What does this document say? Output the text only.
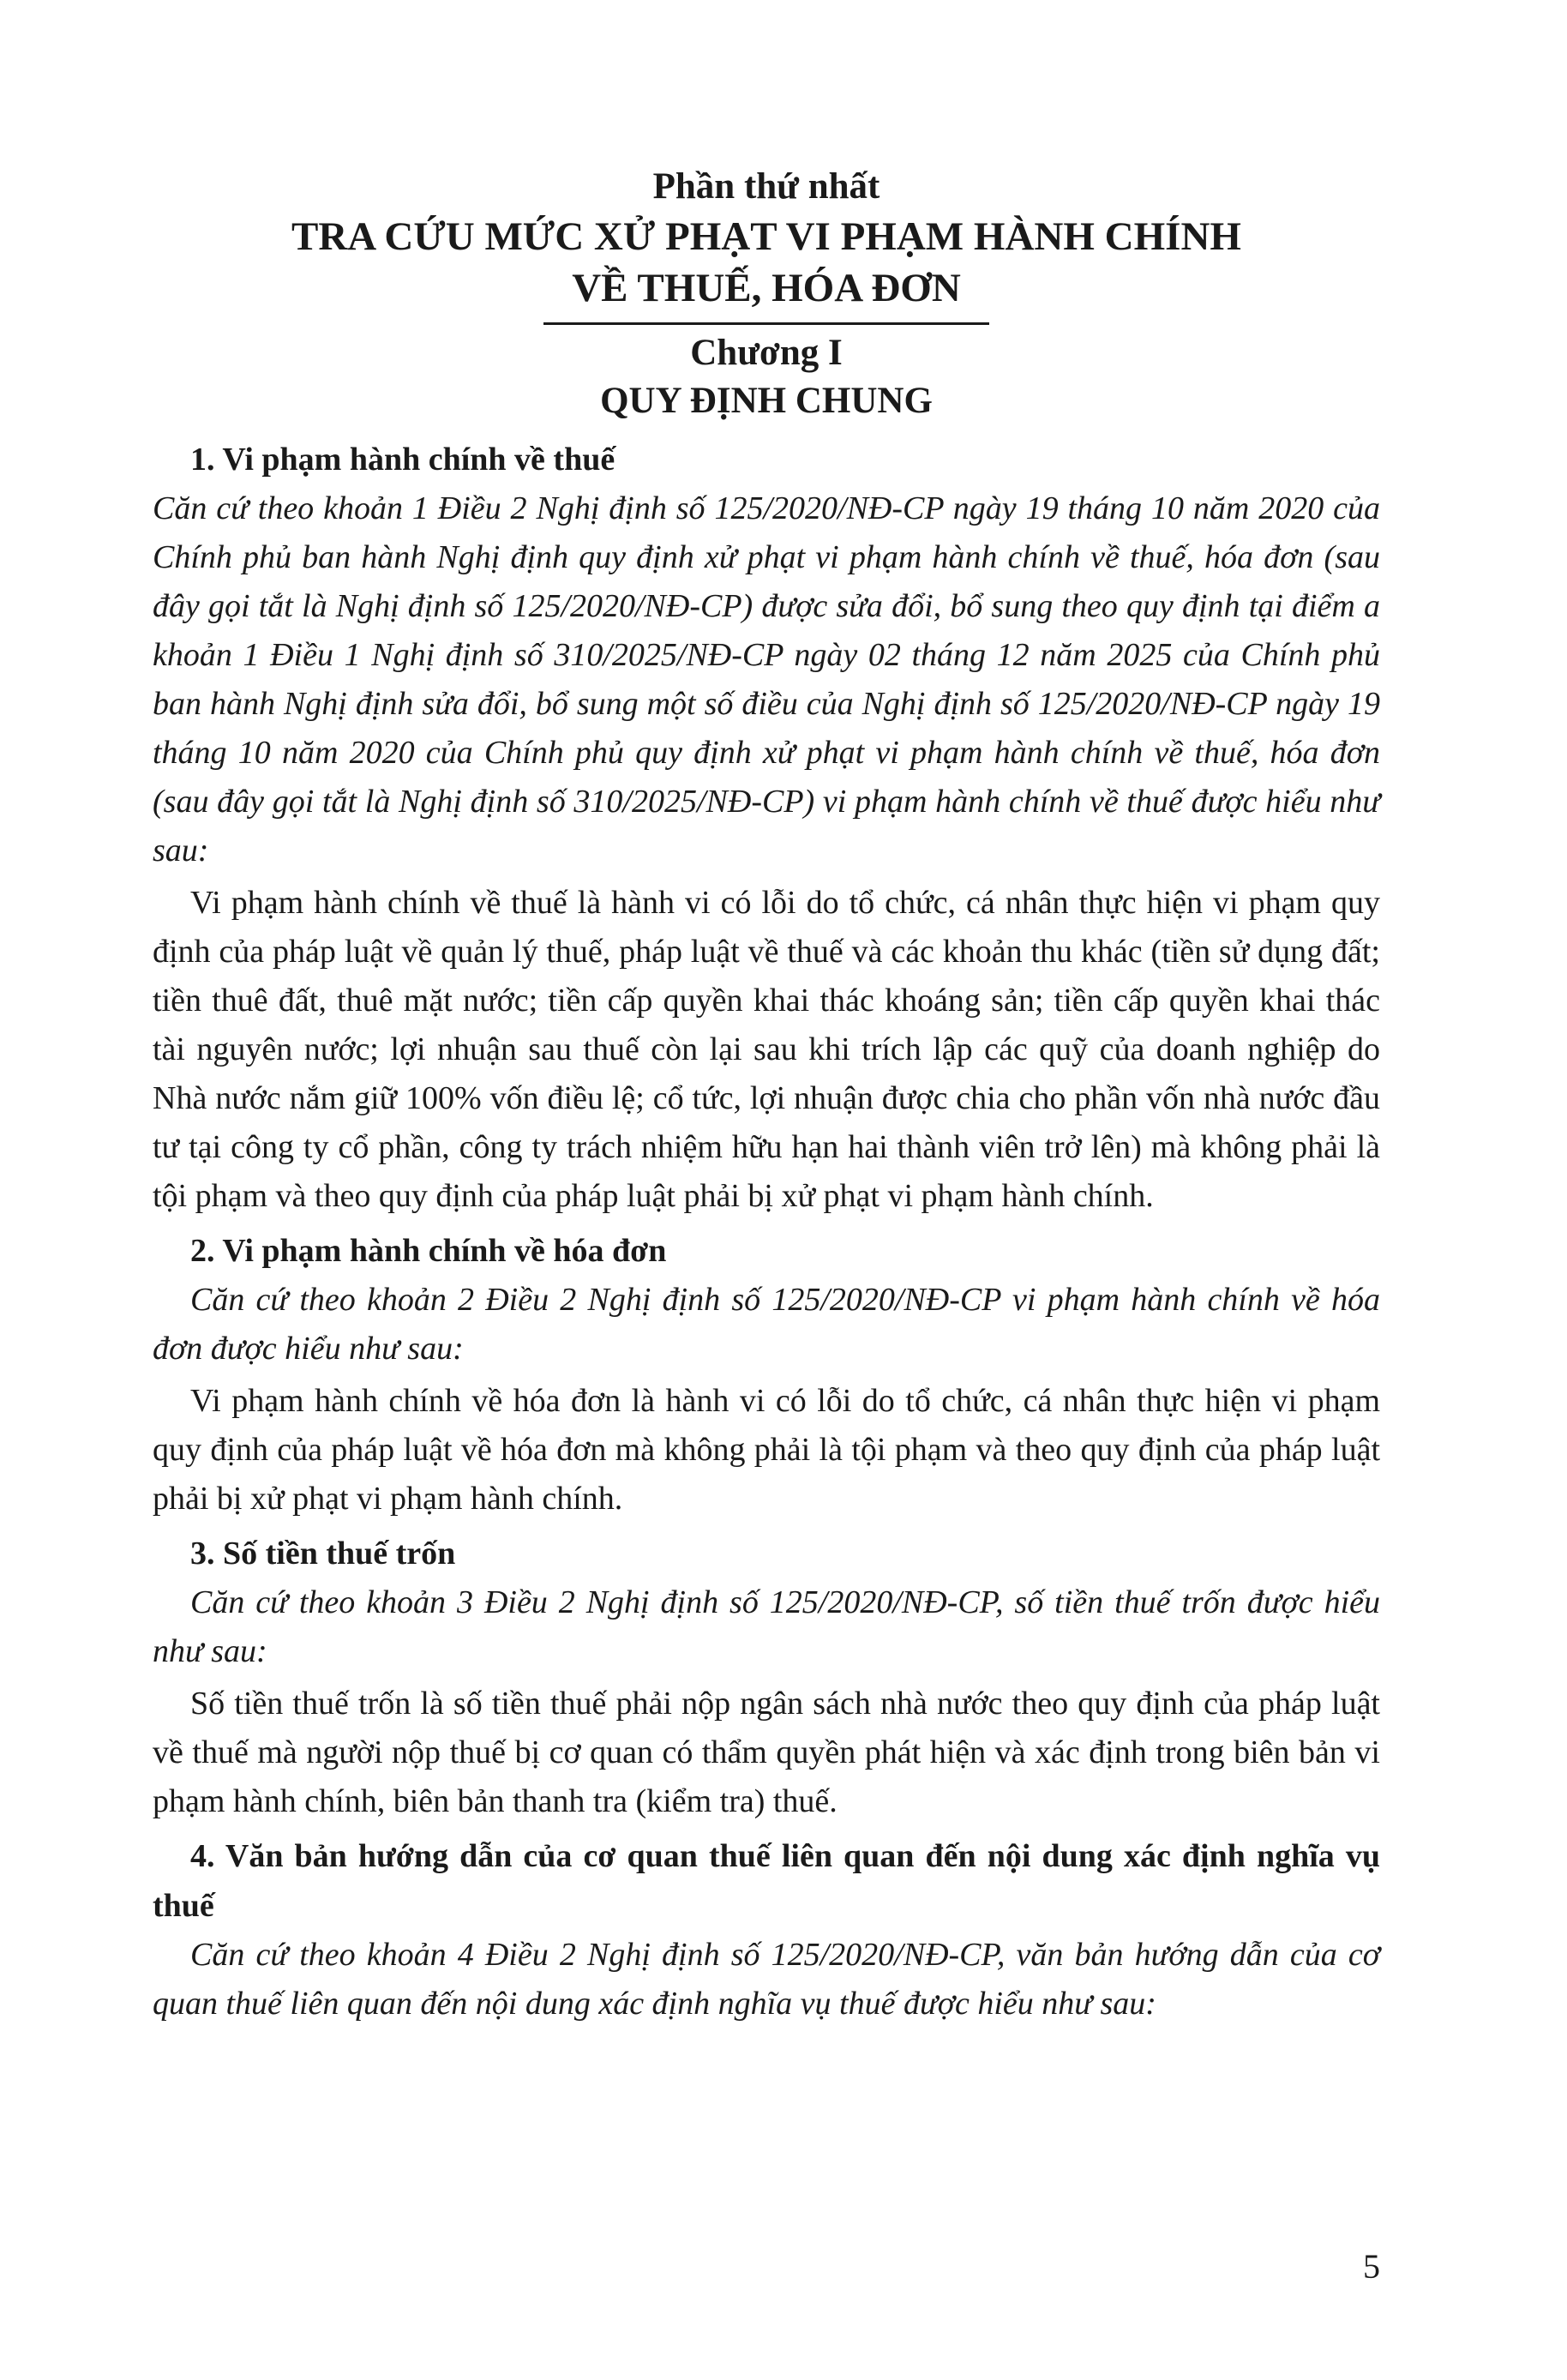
Phần thứ nhất
TRA CỨU MỨC XỬ PHẠT VI PHẠM HÀNH CHÍNH
VỀ THUẾ, HÓA ĐƠN
Chương I
QUY ĐỊNH CHUNG

1. Vi phạm hành chính về thuế

Căn cứ theo khoản 1 Điều 2 Nghị định số 125/2020/NĐ-CP ngày 19 tháng 10 năm 2020 của Chính phủ ban hành Nghị định quy định xử phạt vi phạm hành chính về thuế, hóa đơn (sau đây gọi tắt là Nghị định số 125/2020/NĐ-CP) được sửa đổi, bổ sung theo quy định tại điểm a khoản 1 Điều 1 Nghị định số 310/2025/NĐ-CP ngày 02 tháng 12 năm 2025 của Chính phủ ban hành Nghị định sửa đổi, bổ sung một số điều của Nghị định số 125/2020/NĐ-CP ngày 19 tháng 10 năm 2020 của Chính phủ quy định xử phạt vi phạm hành chính về thuế, hóa đơn (sau đây gọi tắt là Nghị định số 310/2025/NĐ-CP) vi phạm hành chính về thuế được hiểu như sau:

Vi phạm hành chính về thuế là hành vi có lỗi do tổ chức, cá nhân thực hiện vi phạm quy định của pháp luật về quản lý thuế, pháp luật về thuế và các khoản thu khác (tiền sử dụng đất; tiền thuê đất, thuê mặt nước; tiền cấp quyền khai thác khoáng sản; tiền cấp quyền khai thác tài nguyên nước; lợi nhuận sau thuế còn lại sau khi trích lập các quỹ của doanh nghiệp do Nhà nước nắm giữ 100% vốn điều lệ; cổ tức, lợi nhuận được chia cho phần vốn nhà nước đầu tư tại công ty cổ phần, công ty trách nhiệm hữu hạn hai thành viên trở lên) mà không phải là tội phạm và theo quy định của pháp luật phải bị xử phạt vi phạm hành chính.

2. Vi phạm hành chính về hóa đơn

Căn cứ theo khoản 2 Điều 2 Nghị định số 125/2020/NĐ-CP vi phạm hành chính về hóa đơn được hiểu như sau:

Vi phạm hành chính về hóa đơn là hành vi có lỗi do tổ chức, cá nhân thực hiện vi phạm quy định của pháp luật về hóa đơn mà không phải là tội phạm và theo quy định của pháp luật phải bị xử phạt vi phạm hành chính.

3. Số tiền thuế trốn

Căn cứ theo khoản 3 Điều 2 Nghị định số 125/2020/NĐ-CP, số tiền thuế trốn được hiểu như sau:

Số tiền thuế trốn là số tiền thuế phải nộp ngân sách nhà nước theo quy định của pháp luật về thuế mà người nộp thuế bị cơ quan có thẩm quyền phát hiện và xác định trong biên bản vi phạm hành chính, biên bản thanh tra (kiểm tra) thuế.

4. Văn bản hướng dẫn của cơ quan thuế liên quan đến nội dung xác định nghĩa vụ thuế

Căn cứ theo khoản 4 Điều 2 Nghị định số 125/2020/NĐ-CP, văn bản hướng dẫn của cơ quan thuế liên quan đến nội dung xác định nghĩa vụ thuế được hiểu như sau:

5
